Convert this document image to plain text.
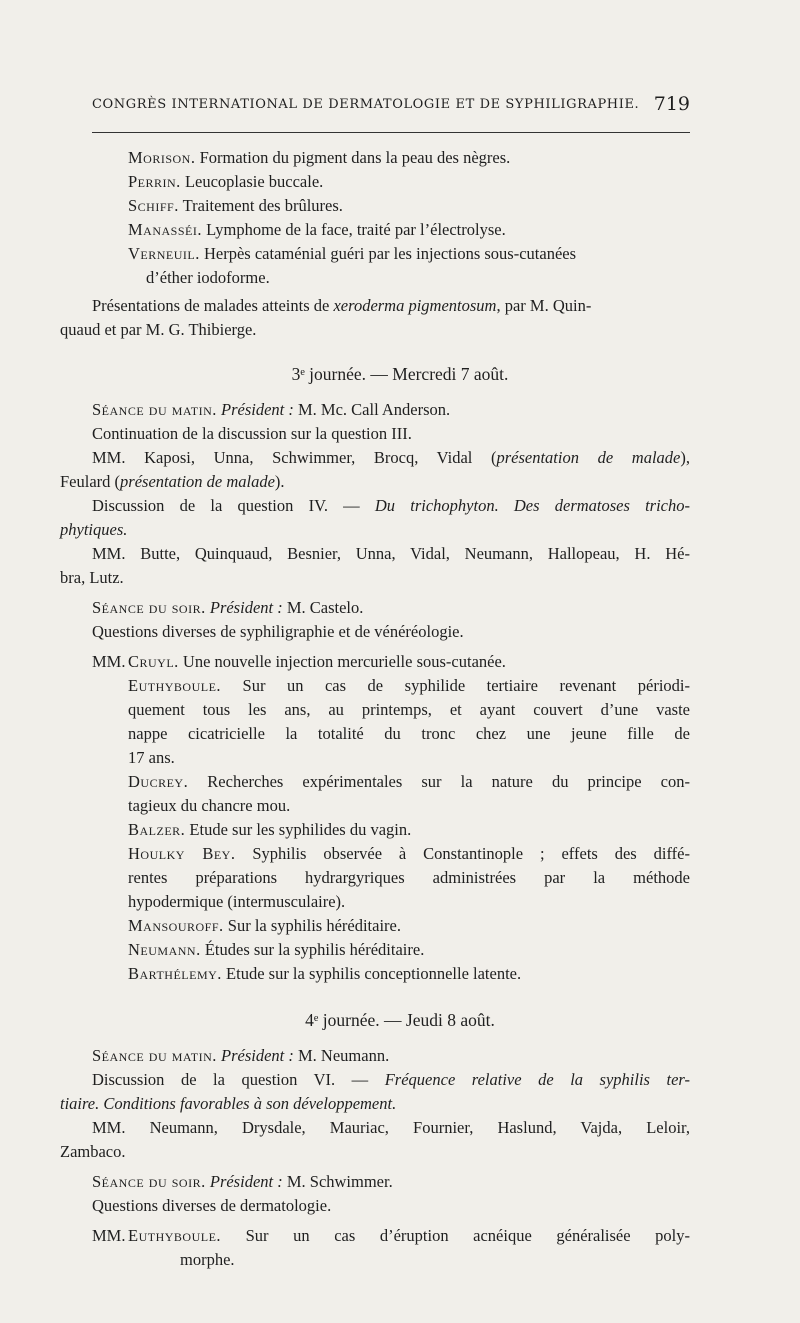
CONGRÈS INTERNATIONAL DE DERMATOLOGIE ET DE SYPHILIGRAPHIE. 719
Morison. Formation du pigment dans la peau des nègres.
Perrin. Leucoplasie buccale.
Schiff. Traitement des brûlures.
Manasséi. Lymphome de la face, traité par l’électrolyse.
Verneuil. Herpès cataménial guéri par les injections sous-cutanées
d’éther iodoforme.
Présentations de malades atteints de xeroderma pigmentosum, par M. Quin-
quaud et par M. G. Thibierge.
3ᵉ journée. — Mercredi 7 août.
Séance du matin. Président : M. Mc. Call Anderson.
Continuation de la discussion sur la question III.
MM. Kaposi, Unna, Schwimmer, Brocq, Vidal (présentation de malade),
Feulard (présentation de malade).
Discussion de la question IV. — Du trichophyton. Des dermatoses tricho-
phytiques.
MM. Butte, Quinquaud, Besnier, Unna, Vidal, Neumann, Hallopeau, H. Hé-
bra, Lutz.
Séance du soir. Président : M. Castelo.
Questions diverses de syphiligraphie et de vénéréologie.
MM. Cruyl. Une nouvelle injection mercurielle sous-cutanée.
Euthyboule. Sur un cas de syphilide tertiaire revenant périodi-
quement tous les ans, au printemps, et ayant couvert d’une vaste
nappe cicatricielle la totalité du tronc chez une jeune fille de
17 ans.
Ducrey. Recherches expérimentales sur la nature du principe con-
tagieux du chancre mou.
Balzer. Etude sur les syphilides du vagin.
Houlky Bey. Syphilis observée à Constantinople ; effets des diffé-
rentes préparations hydrargyriques administrées par la méthode
hypodermique (intermusculaire).
Mansouroff. Sur la syphilis héréditaire.
Neumann. Études sur la syphilis héréditaire.
Barthélemy. Etude sur la syphilis conceptionnelle latente.
4ᵉ journée. — Jeudi 8 août.
Séance du matin. Président : M. Neumann.
Discussion de la question VI. — Fréquence relative de la syphilis ter-
tiaire. Conditions favorables à son développement.
MM. Neumann, Drysdale, Mauriac, Fournier, Haslund, Vajda, Leloir,
Zambaco.
Séance du soir. Président : M. Schwimmer.
Questions diverses de dermatologie.
MM. Euthyboule. Sur un cas d’éruption acnéique généralisée poly-
morphe.
